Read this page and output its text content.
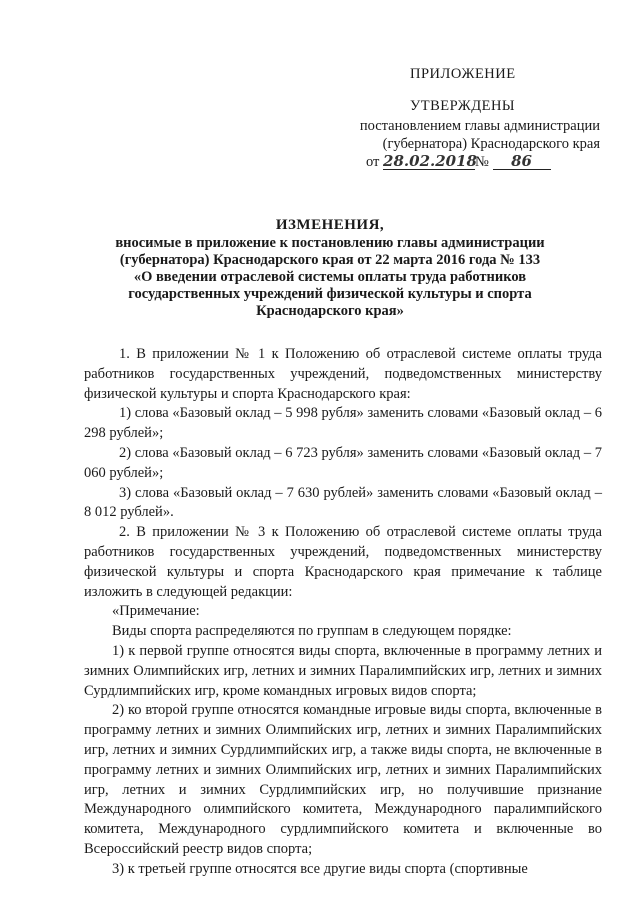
ПРИЛОЖЕНИЕ
УТВЕРЖДЕНЫ
постановлением главы администрации
(губернатора) Краснодарского края
от 28.02.2018№ 86
ИЗМЕНЕНИЯ,
вносимые в приложение к постановлению главы администрации
(губернатора) Краснодарского края от 22 марта 2016 года № 133
«О введении отраслевой системы оплаты труда работников
государственных учреждений физической культуры и спорта
Краснодарского края»

1. В приложении № 1 к Положению об отраслевой системе оплаты труда работников государственных учреждений, подведомственных министерству физической культуры и спорта Краснодарского края:

1) слова «Базовый оклад – 5 998 рубля» заменить словами «Базовый оклад – 6 298 рублей»;

2) слова «Базовый оклад – 6 723 рубля» заменить словами «Базовый оклад – 7 060 рублей»;

3) слова «Базовый оклад – 7 630 рублей» заменить словами «Базовый оклад – 8 012 рублей».

2. В приложении № 3 к Положению об отраслевой системе оплаты труда работников государственных учреждений, подведомственных министерству физической культуры и спорта Краснодарского края примечание к таблице изложить в следующей редакции:

«Примечание:

Виды спорта распределяются по группам в следующем порядке:

1) к первой группе относятся виды спорта, включенные в программу летних и зимних Олимпийских игр, летних и зимних Паралимпийских игр, летних и зимних Сурдлимпийских игр, кроме командных игровых видов спорта;

2) ко второй группе относятся командные игровые виды спорта, включенные в программу летних и зимних Олимпийских игр, летних и зимних Паралимпийских игр, летних и зимних Сурдлимпийских игр, а также виды спорта, не включенные в программу летних и зимних Олимпийских игр, летних и зимних Паралимпийских игр, летних и зимних Сурдлимпийских игр, но получившие признание Международного олимпийского комитета, Международного паралимпийского комитета, Международного сурдлимпийского комитета и включенные во Всероссийский реестр видов спорта;

3) к третьей группе относятся все другие виды спорта (спортивные
